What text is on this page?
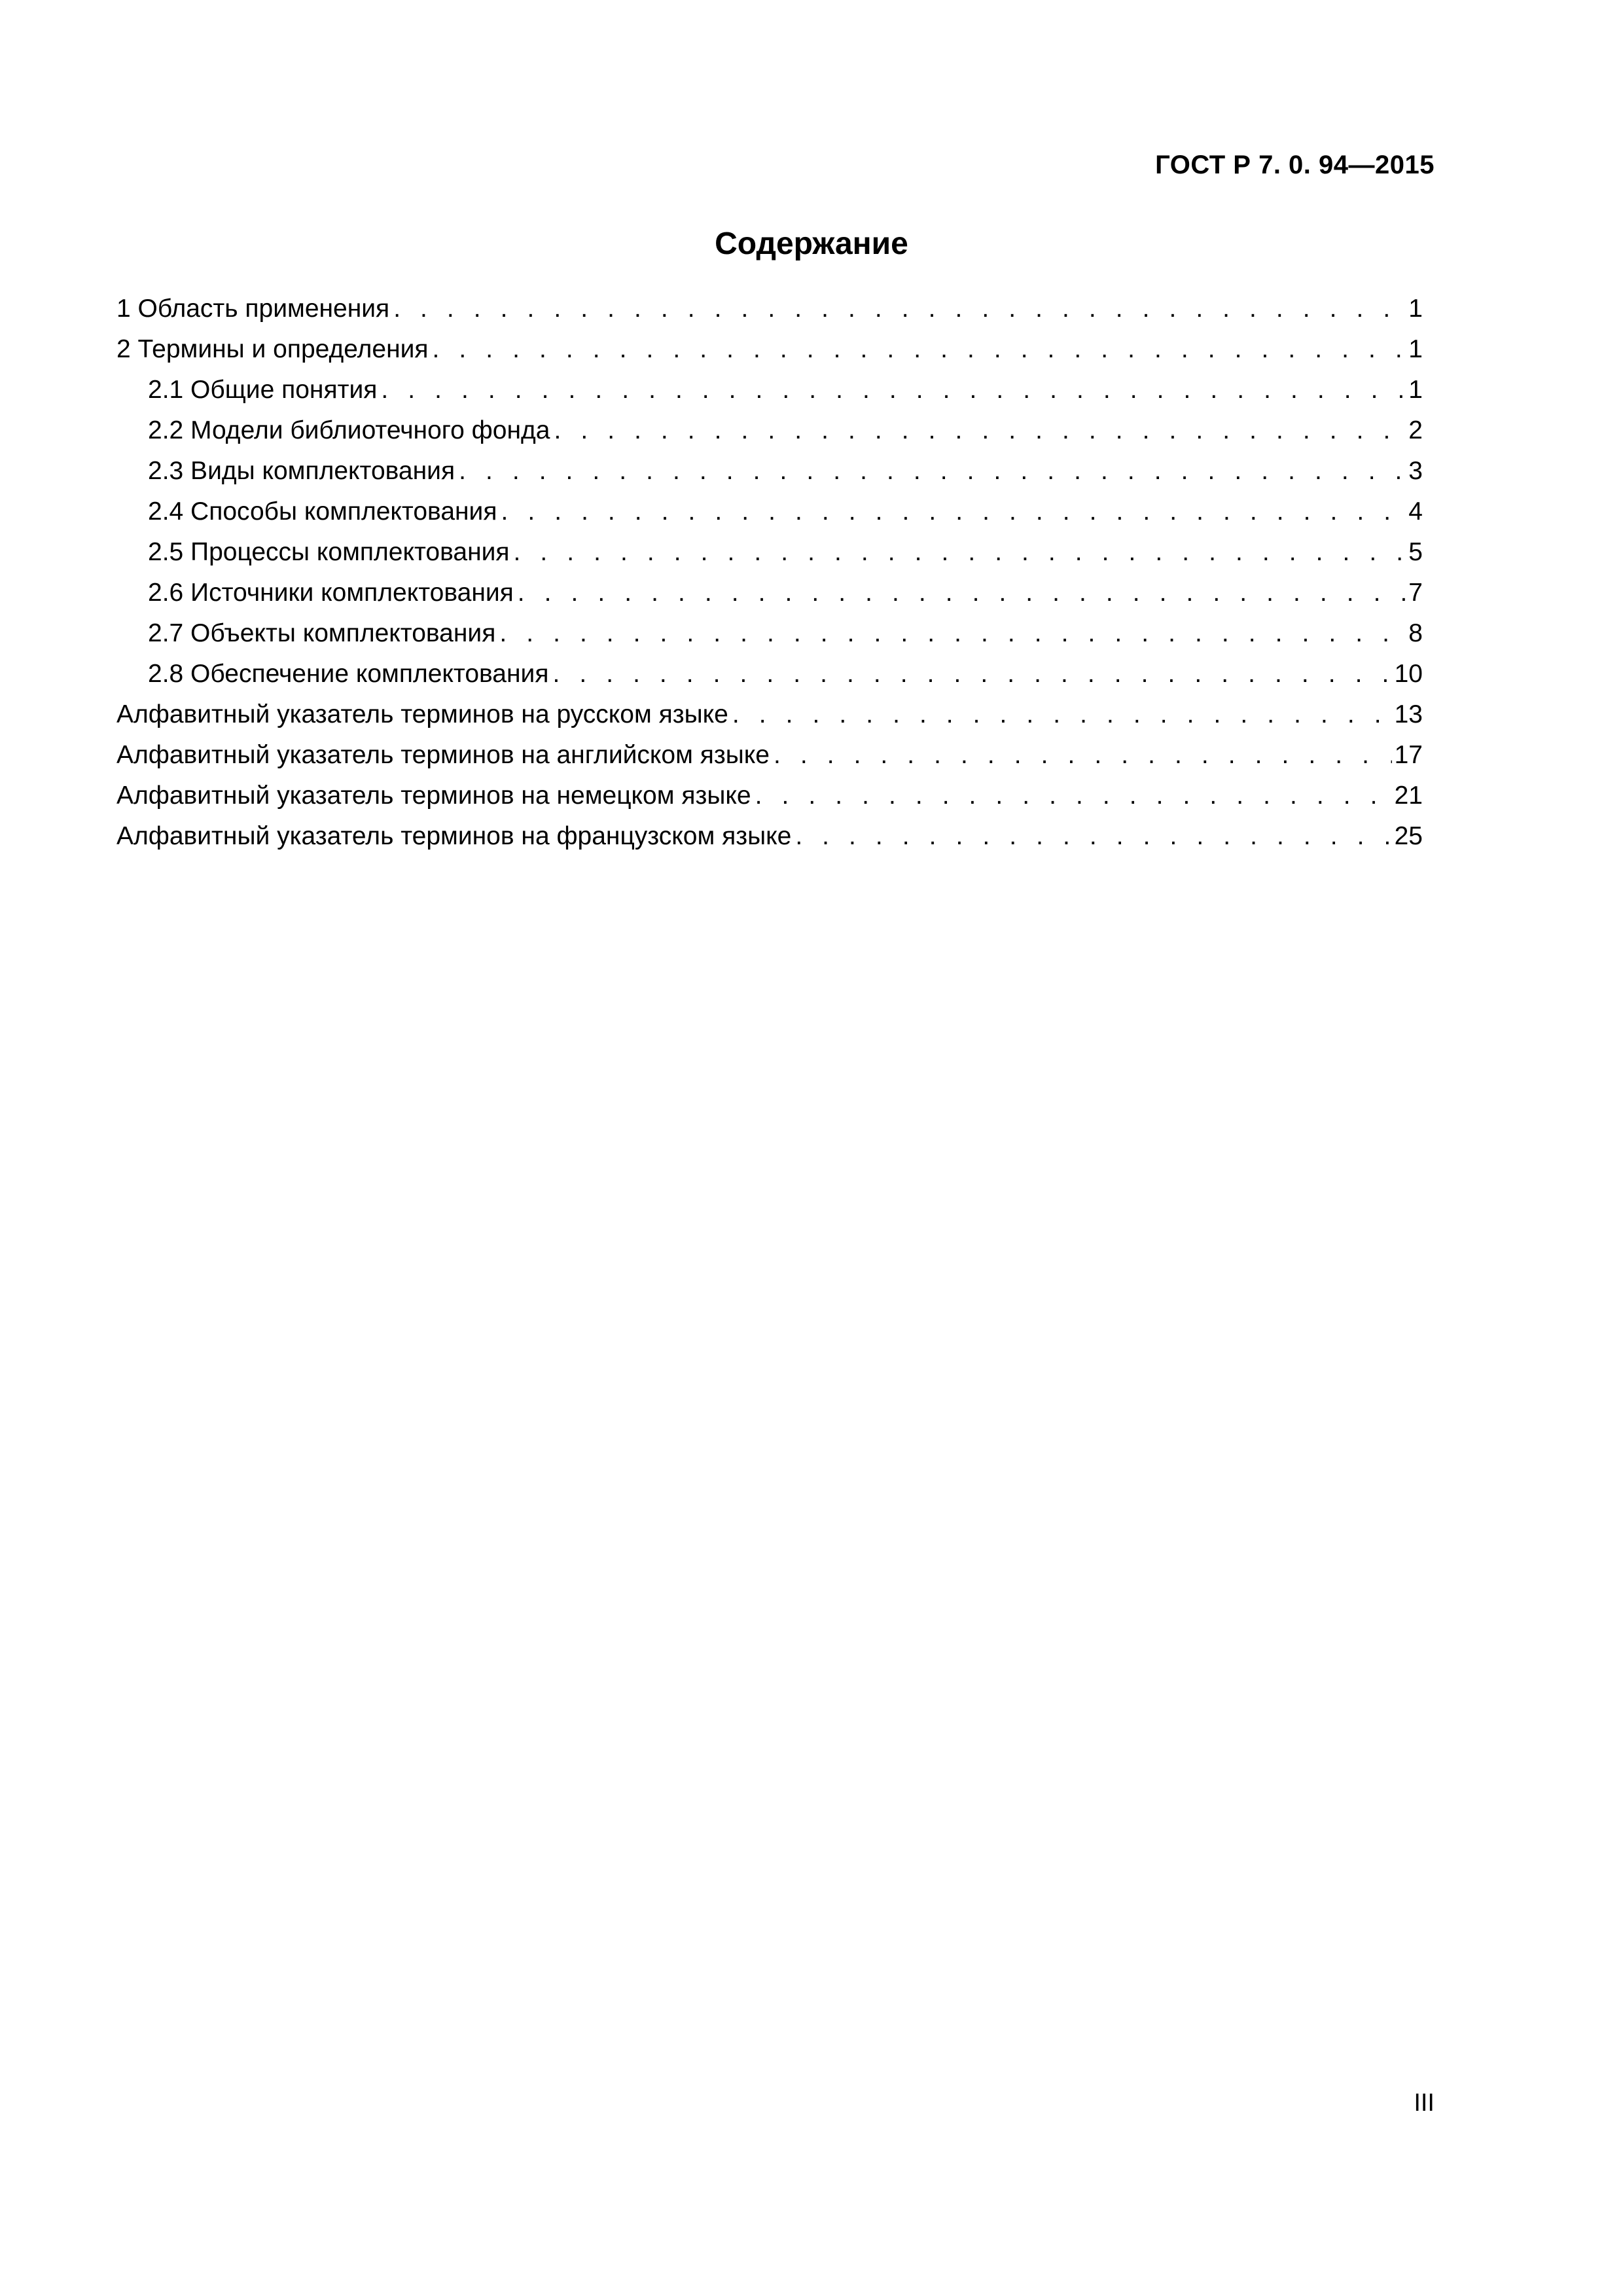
ГОСТ Р 7. 0. 94—2015
Содержание
1 Область применения . . .	1
2 Термины и определения . . .	1
2.1 Общие понятия . . .	1
2.2 Модели библиотечного фонда . . .	2
2.3 Виды комплектования . . .	3
2.4 Способы комплектования . . .	4
2.5 Процессы комплектования . . .	5
2.6 Источники комплектования . . .	7
2.7 Объекты комплектования . . .	8
2.8 Обеспечение комплектования . . .	10
Алфавитный указатель терминов на русском языке . . .	13
Алфавитный указатель терминов на английском языке . . .	17
Алфавитный указатель терминов на немецком языке . . .	21
Алфавитный указатель терминов на французском языке . . .	25
III
